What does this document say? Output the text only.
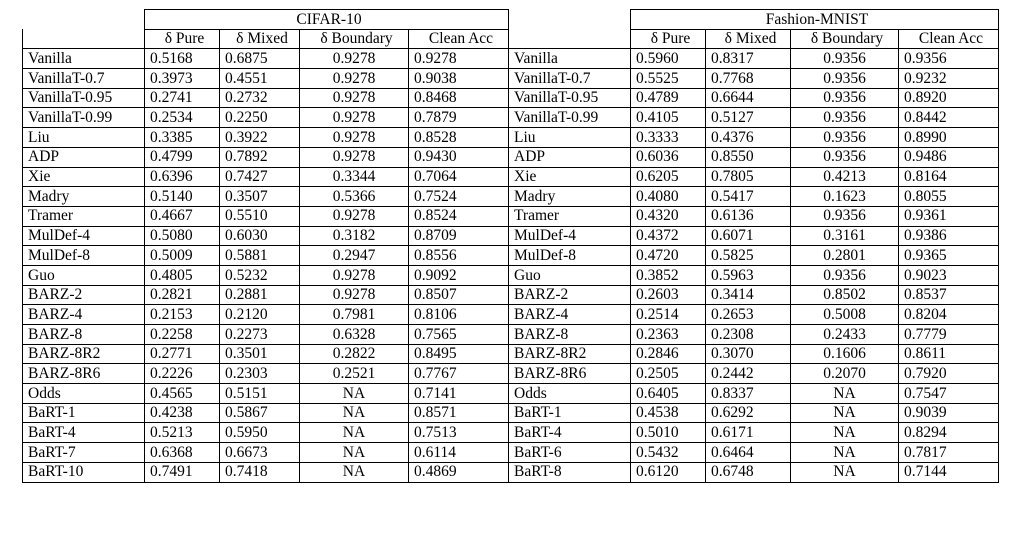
	CIFAR-10					Fashion-MNIST			
	δ Pure	δ Mixed	δ Boundary	Clean Acc		δ Pure	δ Mixed	δ Boundary	Clean Acc
Vanilla	0.5168	0.6875	0.9278	0.9278	Vanilla	0.5960	0.8317	0.9356	0.9356
VanillaT-0.7	0.3973	0.4551	0.9278	0.9038	VanillaT-0.7	0.5525	0.7768	0.9356	0.9232
VanillaT-0.95	0.2741	0.2732	0.9278	0.8468	VanillaT-0.95	0.4789	0.6644	0.9356	0.8920
VanillaT-0.99	0.2534	0.2250	0.9278	0.7879	VanillaT-0.99	0.4105	0.5127	0.9356	0.8442
Liu	0.3385	0.3922	0.9278	0.8528	Liu	0.3333	0.4376	0.9356	0.8990
ADP	0.4799	0.7892	0.9278	0.9430	ADP	0.6036	0.8550	0.9356	0.9486
Xie	0.6396	0.7427	0.3344	0.7064	Xie	0.6205	0.7805	0.4213	0.8164
Madry	0.5140	0.3507	0.5366	0.7524	Madry	0.4080	0.5417	0.1623	0.8055
Tramer	0.4667	0.5510	0.9278	0.8524	Tramer	0.4320	0.6136	0.9356	0.9361
MulDef-4	0.5080	0.6030	0.3182	0.8709	MulDef-4	0.4372	0.6071	0.3161	0.9386
MulDef-8	0.5009	0.5881	0.2947	0.8556	MulDef-8	0.4720	0.5825	0.2801	0.9365
Guo	0.4805	0.5232	0.9278	0.9092	Guo	0.3852	0.5963	0.9356	0.9023
BARZ-2	0.2821	0.2881	0.9278	0.8507	BARZ-2	0.2603	0.3414	0.8502	0.8537
BARZ-4	0.2153	0.2120	0.7981	0.8106	BARZ-4	0.2514	0.2653	0.5008	0.8204
BARZ-8	0.2258	0.2273	0.6328	0.7565	BARZ-8	0.2363	0.2308	0.2433	0.7779
BARZ-8R2	0.2771	0.3501	0.2822	0.8495	BARZ-8R2	0.2846	0.3070	0.1606	0.8611
BARZ-8R6	0.2226	0.2303	0.2521	0.7767	BARZ-8R6	0.2505	0.2442	0.2070	0.7920
Odds	0.4565	0.5151	NA	0.7141	Odds	0.6405	0.8337	NA	0.7547
BaRT-1	0.4238	0.5867	NA	0.8571	BaRT-1	0.4538	0.6292	NA	0.9039
BaRT-4	0.5213	0.5950	NA	0.7513	BaRT-4	0.5010	0.6171	NA	0.8294
BaRT-7	0.6368	0.6673	NA	0.6114	BaRT-6	0.5432	0.6464	NA	0.7817
BaRT-10	0.7491	0.7418	NA	0.4869	BaRT-8	0.6120	0.6748	NA	0.7144
